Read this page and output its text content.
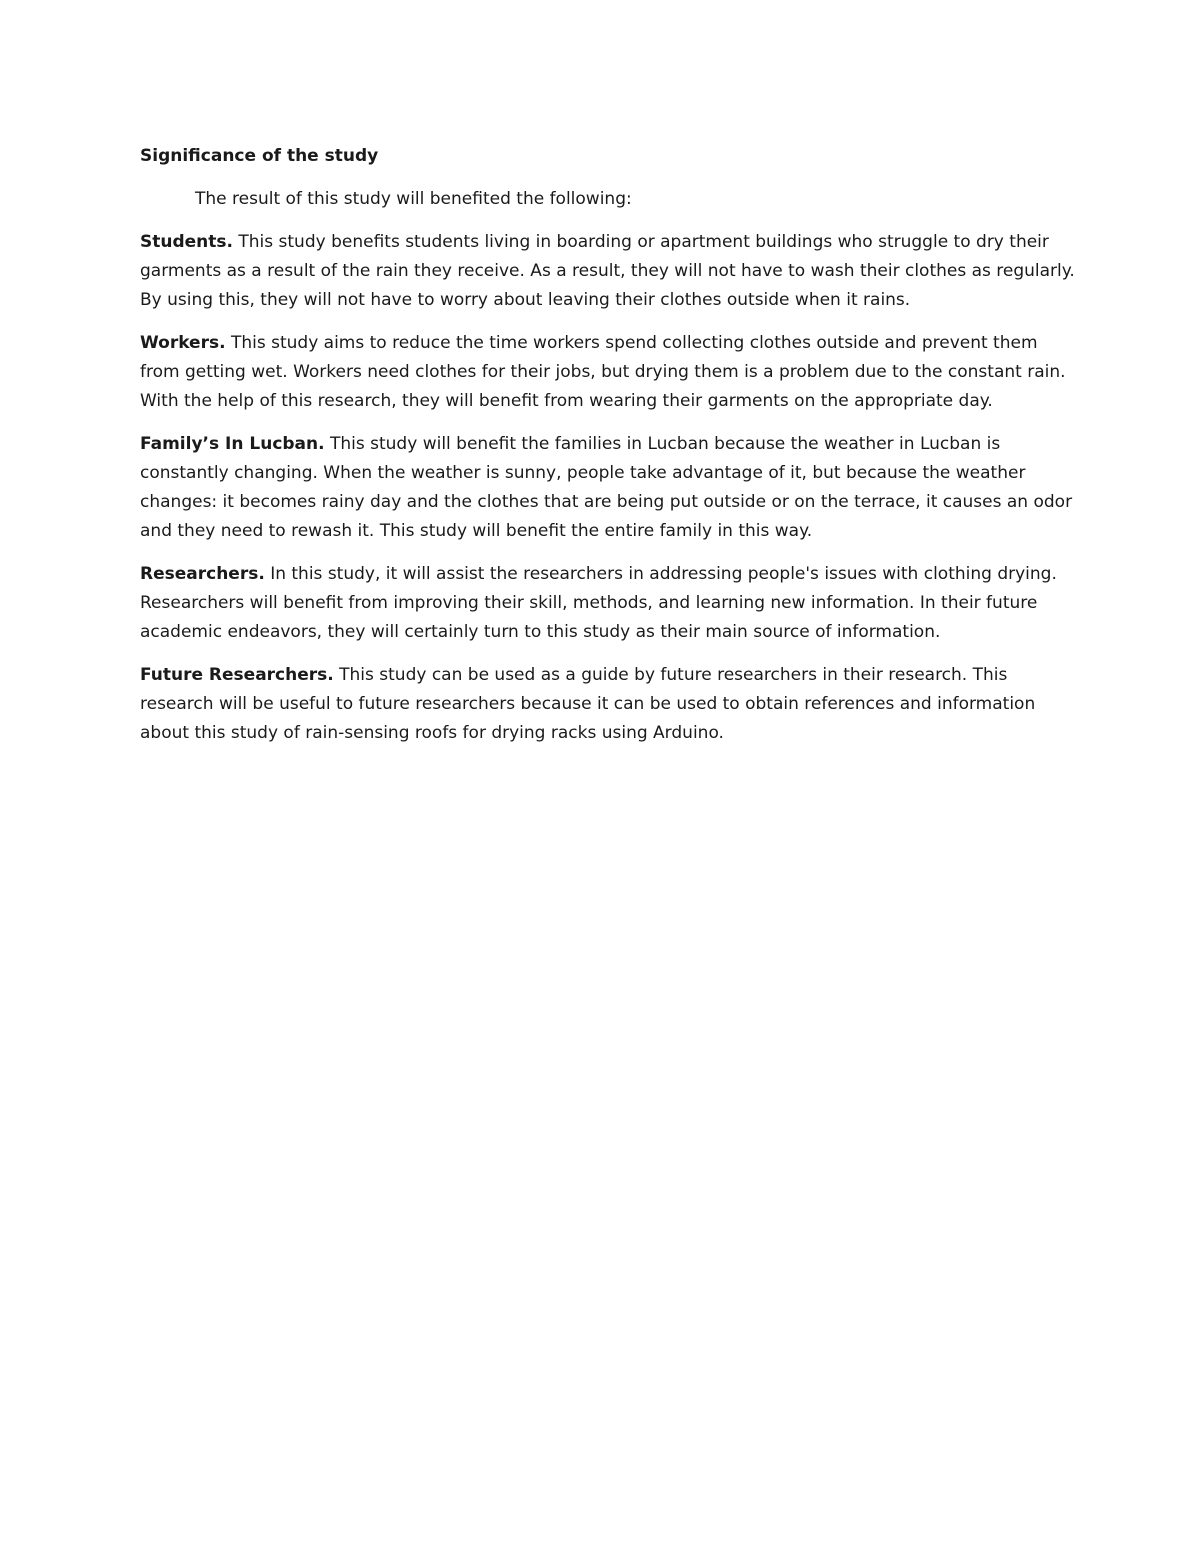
Significance of the study

The result of this study will benefited the following:

Students. This study benefits students living in boarding or apartment buildings who struggle to dry their garments as a result of the rain they receive. As a result, they will not have to wash their clothes as regularly. By using this, they will not have to worry about leaving their clothes outside when it rains.

Workers. This study aims to reduce the time workers spend collecting clothes outside and prevent them from getting wet. Workers need clothes for their jobs, but drying them is a problem due to the constant rain. With the help of this research, they will benefit from wearing their garments on the appropriate day.

Family’s In Lucban. This study will benefit the families in Lucban because the weather in Lucban is constantly changing. When the weather is sunny, people take advantage of it, but because the weather changes: it becomes rainy day and the clothes that are being put outside or on the terrace, it causes an odor and they need to rewash it. This study will benefit the entire family in this way.

Researchers. In this study, it will assist the researchers in addressing people's issues with clothing drying. Researchers will benefit from improving their skill, methods, and learning new information. In their future academic endeavors, they will certainly turn to this study as their main source of information.

Future Researchers. This study can be used as a guide by future researchers in their research. This research will be useful to future researchers because it can be used to obtain references and information about this study of rain-sensing roofs for drying racks using Arduino.
